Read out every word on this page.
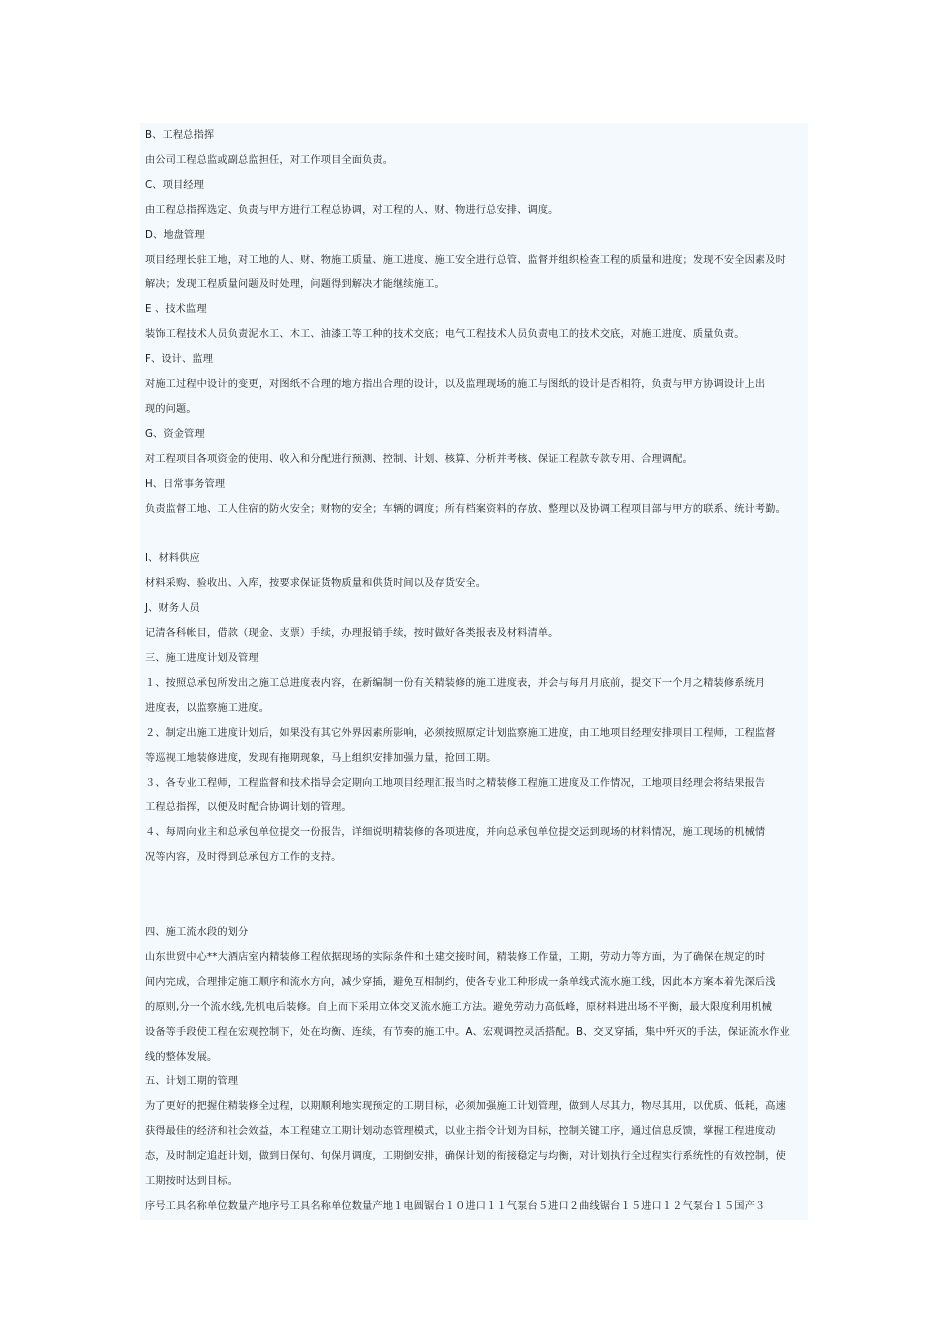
B、工程总指挥

由公司工程总监或副总监担任，对工作项目全面负责。

C、项目经理

由工程总指挥选定、负责与甲方进行工程总协调，对工程的人、财、物进行总安排、调度。

D、地盘管理

项目经理长驻工地，对工地的人、财、物施工质量、施工进度、施工安全进行总管、监督并组织检查工程的质量和进度；发现不安全因素及时

解决；发现工程质量问题及时处理，问题得到解决才能继续施工。

E 、技术监理

装饰工程技术人员负责泥水工、木工、油漆工等工种的技术交底；电气工程技术人员负责电工的技术交底，对施工进度、质量负责。

F、设计、监理

对施工过程中设计的变更，对图纸不合理的地方指出合理的设计，以及监理现场的施工与图纸的设计是否相符，负责与甲方协调设计上出

现的问题。

G、资金管理

对工程项目各项资金的使用、收入和分配进行预测、控制、计划、核算、分析并考核、保证工程款专款专用、合理调配。

H、日常事务管理

负责监督工地、工人住宿的防火安全；财物的安全；车辆的调度；所有档案资料的存放、整理以及协调工程项目部与甲方的联系、统计考勤。

I、材料供应

材料采购、验收出、入库，按要求保证货物质量和供货时间以及存货安全。

J、财务人员

记清各科帐目，借款（现金、支票）手续，办理报销手续，按时做好各类报表及材料清单。

三、施工进度计划及管理

１、按照总承包所发出之施工总进度表内容，在新编制一份有关精装修的施工进度表，并会与每月月底前，提交下一个月之精装修系统月

进度表，以监察施工进度。

２、制定出施工进度计划后，如果没有其它外界因素所影响，必须按照原定计划监察施工进度，由工地项目经理安排项目工程师，工程监督

等巡视工地装修进度，发现有拖期现象，马上组织安排加强力量，抢回工期。

３、各专业工程师，工程监督和技术指导会定期向工地项目经理汇报当时之精装修工程施工进度及工作情况，工地项目经理会将结果报告

工程总指挥，以便及时配合协调计划的管理。

４、每周向业主和总承包单位提交一份报告，详细说明精装修的各项进度，并向总承包单位提交运到现场的材料情况，施工现场的机械情

况等内容，及时得到总承包方工作的支持。

四、施工流水段的划分

山东世贸中心**大酒店室内精装修工程依据现场的实际条件和土建交接时间，精装修工作量，工期，劳动力等方面，为了确保在规定的时

间内完成，合理排定施工顺序和流水方向，减少穿插，避免互相制约，使各专业工种形成一条单线式流水施工线，因此本方案本着先深后浅

的原则,分一个流水线,先机电后装修。自上而下采用立体交叉流水施工方法。避免劳动力高低峰，原材料进出场不平衡，最大限度利用机械

设备等手段使工程在宏观控制下，处在均衡、连续，有节奏的施工中。A、宏观调控灵活搭配。B、交叉穿插，集中歼灭的手法，保证流水作业

线的整体发展。

五、计划工期的管理

为了更好的把握住精装修全过程，以期顺利地实现预定的工期目标，必须加强施工计划管理，做到人尽其力，物尽其用，以优质、低耗，高速

获得最佳的经济和社会效益，本工程建立工期计划动态管理模式，以业主指令计划为目标，控制关键工序，通过信息反馈，掌握工程进度动

态，及时制定追赶计划，做到日保旬、旬保月调度，工期倒安排，确保计划的衔接稳定与均衡，对计划执行全过程实行系统性的有效控制，使

工期按时达到目标。

序号工具名称单位数量产地序号工具名称单位数量产地１电圆锯台１０进口１１气泵台５进口２曲线锯台１５进口１２气泵台１５国产３
